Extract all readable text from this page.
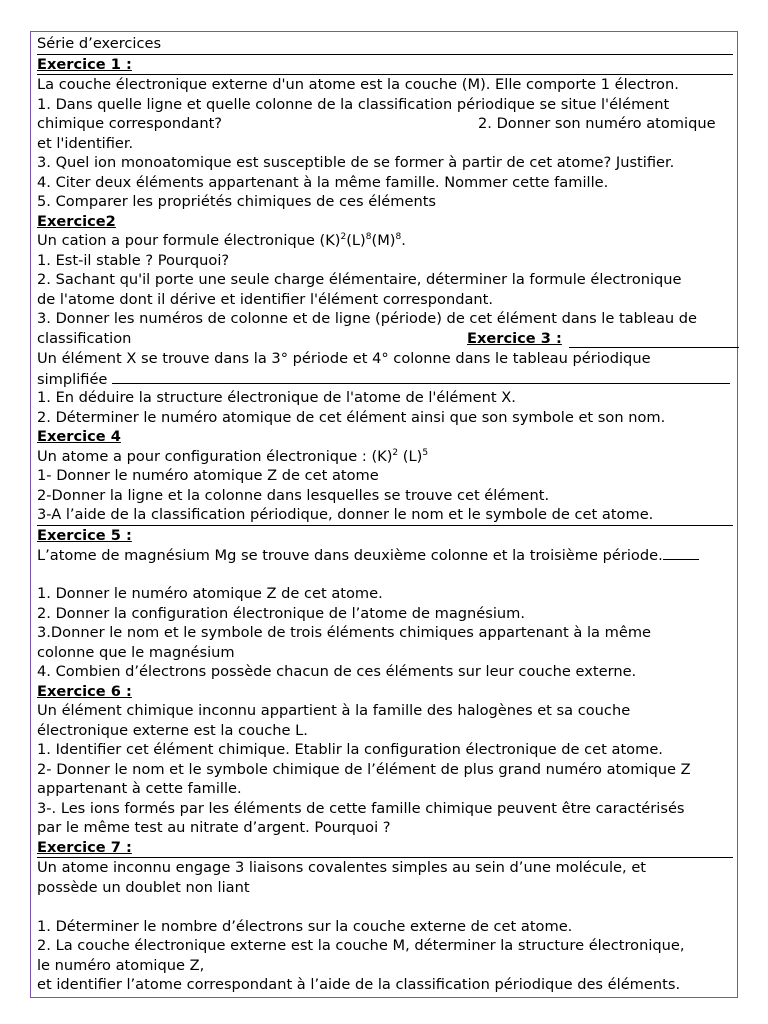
Série d’exercices
Exercice 1 :
La couche électronique externe d'un atome est la couche (M). Elle comporte 1 électron.
1. Dans quelle ligne et quelle colonne de la classification périodique se situe l'élément
chimique correspondant?	2. Donner son numéro atomique
et l'identifier.
3. Quel ion monoatomique est susceptible de se former à partir de cet atome? Justifier.
4. Citer deux éléments appartenant à la même famille. Nommer cette famille.
5. Comparer les propriétés chimiques de ces éléments
Exercice2
Un cation a pour formule électronique $(K)^2(L)^8(M)^8$.
1. Est-il stable ? Pourquoi?
2. Sachant qu'il porte une seule charge élémentaire, déterminer la formule électronique
de l'atome dont il dérive et identifier l'élément correspondant.
3. Donner les numéros de colonne et de ligne (période) de cet élément dans le tableau de
classification	Exercice 3 :
Un élément X se trouve dans la 3° période et 4° colonne dans le tableau périodique
simplifiée
1. En déduire la structure électronique de l'atome de l'élément X.
2. Déterminer le numéro atomique de cet élément ainsi que son symbole et son nom.
Exercice 4
Un atome a pour configuration électronique : $(K)^2$ $(L)^5$
1- Donner le numéro atomique Z de cet atome
2-Donner la ligne et la colonne dans lesquelles se trouve cet élément.
3-A l’aide de la classification périodique, donner le nom et le symbole de cet atome.
Exercice 5 :
L’atome de magnésium Mg se trouve dans deuxième colonne et la troisième période.
1. Donner le numéro atomique Z de cet atome.
2. Donner la configuration électronique de l’atome de magnésium.
3.Donner le nom et le symbole de trois éléments chimiques appartenant à la même
colonne que le magnésium
4. Combien d’électrons possède chacun de ces éléments sur leur couche externe.
Exercice 6 :
Un élément chimique inconnu appartient à la famille des halogènes et sa couche
électronique externe est la couche L.
1. Identifier cet élément chimique. Etablir la configuration électronique de cet atome.
2- Donner le nom et le symbole chimique de l’élément de plus grand numéro atomique Z
appartenant à cette famille.
3-. Les ions formés par les éléments de cette famille chimique peuvent être caractérisés
par le même test au nitrate d’argent. Pourquoi ?
Exercice 7 :
Un atome inconnu engage 3 liaisons covalentes simples au sein d’une molécule, et
possède un doublet non liant
1. Déterminer le nombre d’électrons sur la couche externe de cet atome.
2. La couche électronique externe est la couche M, déterminer la structure électronique,
le numéro atomique Z,
et identifier l’atome correspondant à l’aide de la classification périodique des éléments.
